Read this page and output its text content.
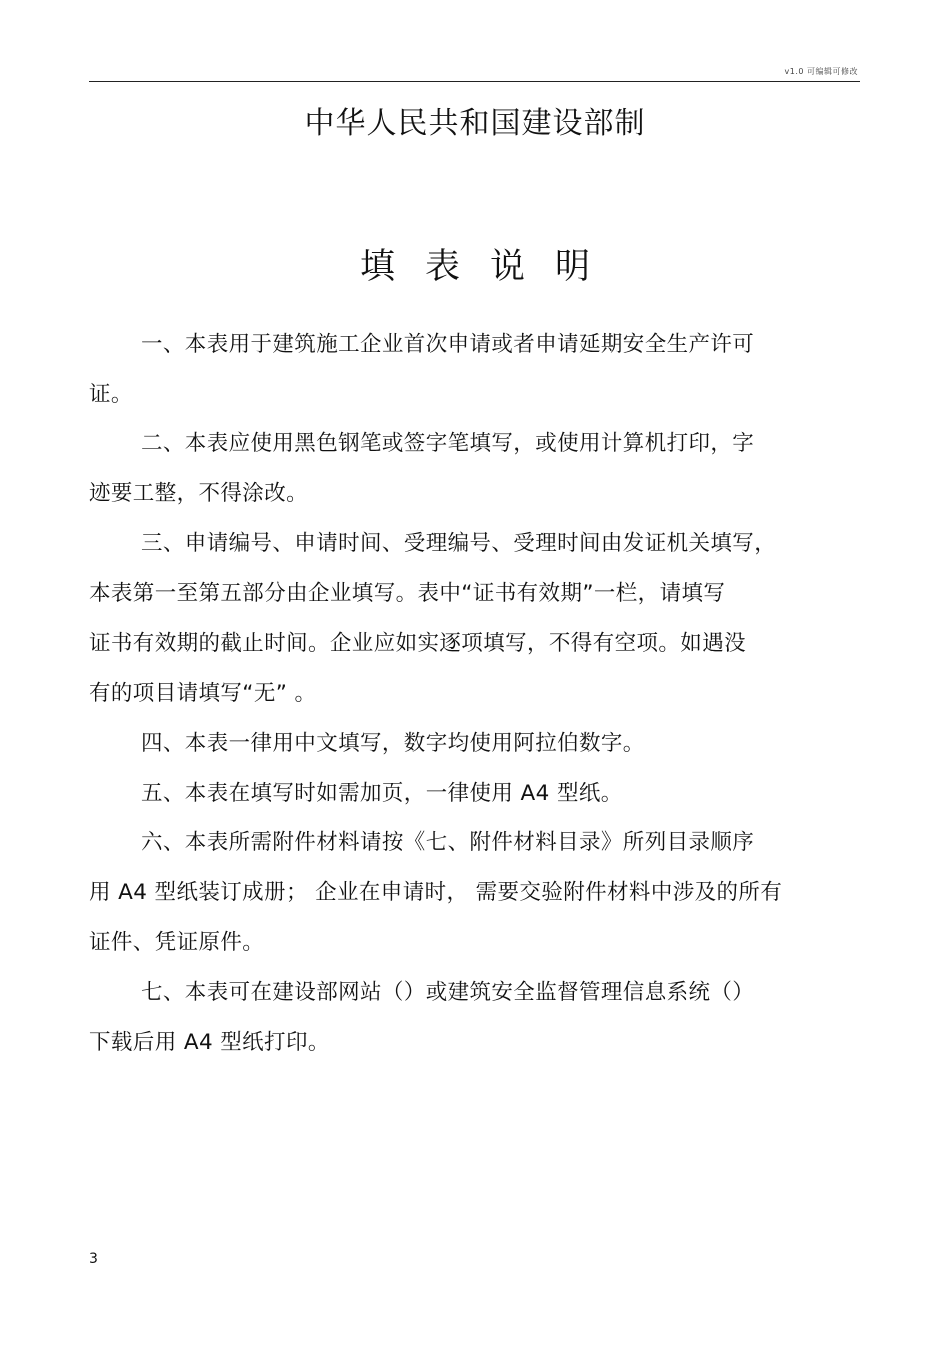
v1.0 可编辑可修改
中华人民共和国建设部制
填表说明
一、本表用于建筑施工企业首次申请或者申请延期安全生产许可
证。
二、本表应使用黑色钢笔或签字笔填写，或使用计算机打印，字
迹要工整，不得涂改。
三、申请编号、申请时间、受理编号、受理时间由发证机关填写，
本表第一至第五部分由企业填写。表中“证书有效期”一栏，请填写
证书有效期的截止时间。企业应如实逐项填写，不得有空项。如遇没
有的项目请填写“无” 。
四、本表一律用中文填写，数字均使用阿拉伯数字。
五、本表在填写时如需加页，一律使用 A4 型纸。
六、本表所需附件材料请按《七、附件材料目录》所列目录顺序
用 A4 型纸装订成册； 企业在申请时， 需要交验附件材料中涉及的所有
证件、凭证原件。
七、本表可在建设部网站（）或建筑安全监督管理信息系统（）
下载后用 A4 型纸打印。
3
